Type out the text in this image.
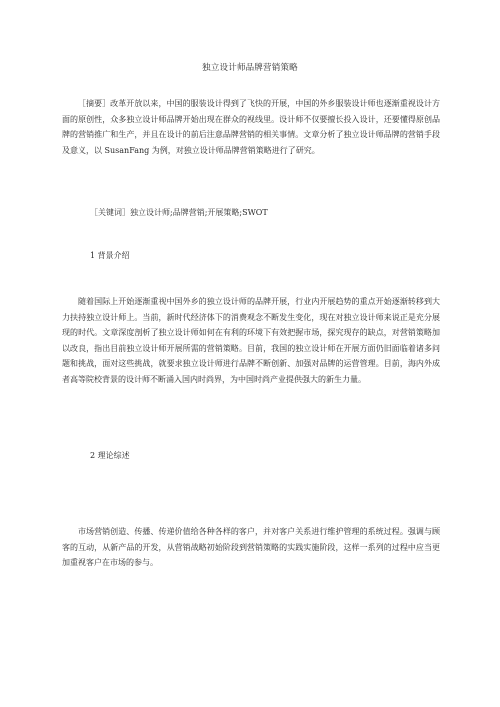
独立设计师品牌营销策略

［摘要］改革开放以来，中国的服装设计得到了飞快的开展，中国的外乡服装设计师也逐渐重视设计方面的原创性，众多独立设计师品牌开始出现在群众的视线里。设计师不仅要擅长投入设计，还要懂得原创品牌的营销推广和生产，并且在设计的前后注意品牌营销的相关事情。文章分析了独立设计师品牌的营销手段及意义，以 SusanFang 为例，对独立设计师品牌营销策略进行了研究。

［关键词］独立设计师;品牌营销;开展策略;SWOT

1 背景介绍

随着国际上开始逐渐重视中国外乡的独立设计师的品牌开展，行业内开展趋势的重点开始逐渐转移到大力扶持独立设计师上。当前，新时代经济体下的消费观念不断发生变化，现在对独立设计师来说正是充分展现的时代。文章深度剖析了独立设计师如何在有利的环境下有效把握市场，探究现存的缺点，对营销策略加以改良，指出目前独立设计师开展所需的营销策略。目前，我国的独立设计师在开展方面仍旧面临着诸多问题和挑战，面对这些挑战，就要求独立设计师进行品牌不断创新、加强对品牌的运营管理。目前，海内外成者高等院校背景的设计师不断涌入国内时尚界，为中国时尚产业提供强大的新生力量。

2 理论综述

市场营销创造、传播、传递价值给各种各样的客户，并对客户关系进行维护管理的系统过程。强调与顾客的互动，从新产品的开发，从营销战略初始阶段到营销策略的实践实施阶段，这样一系列的过程中应当更加重视客户在市场的参与。
